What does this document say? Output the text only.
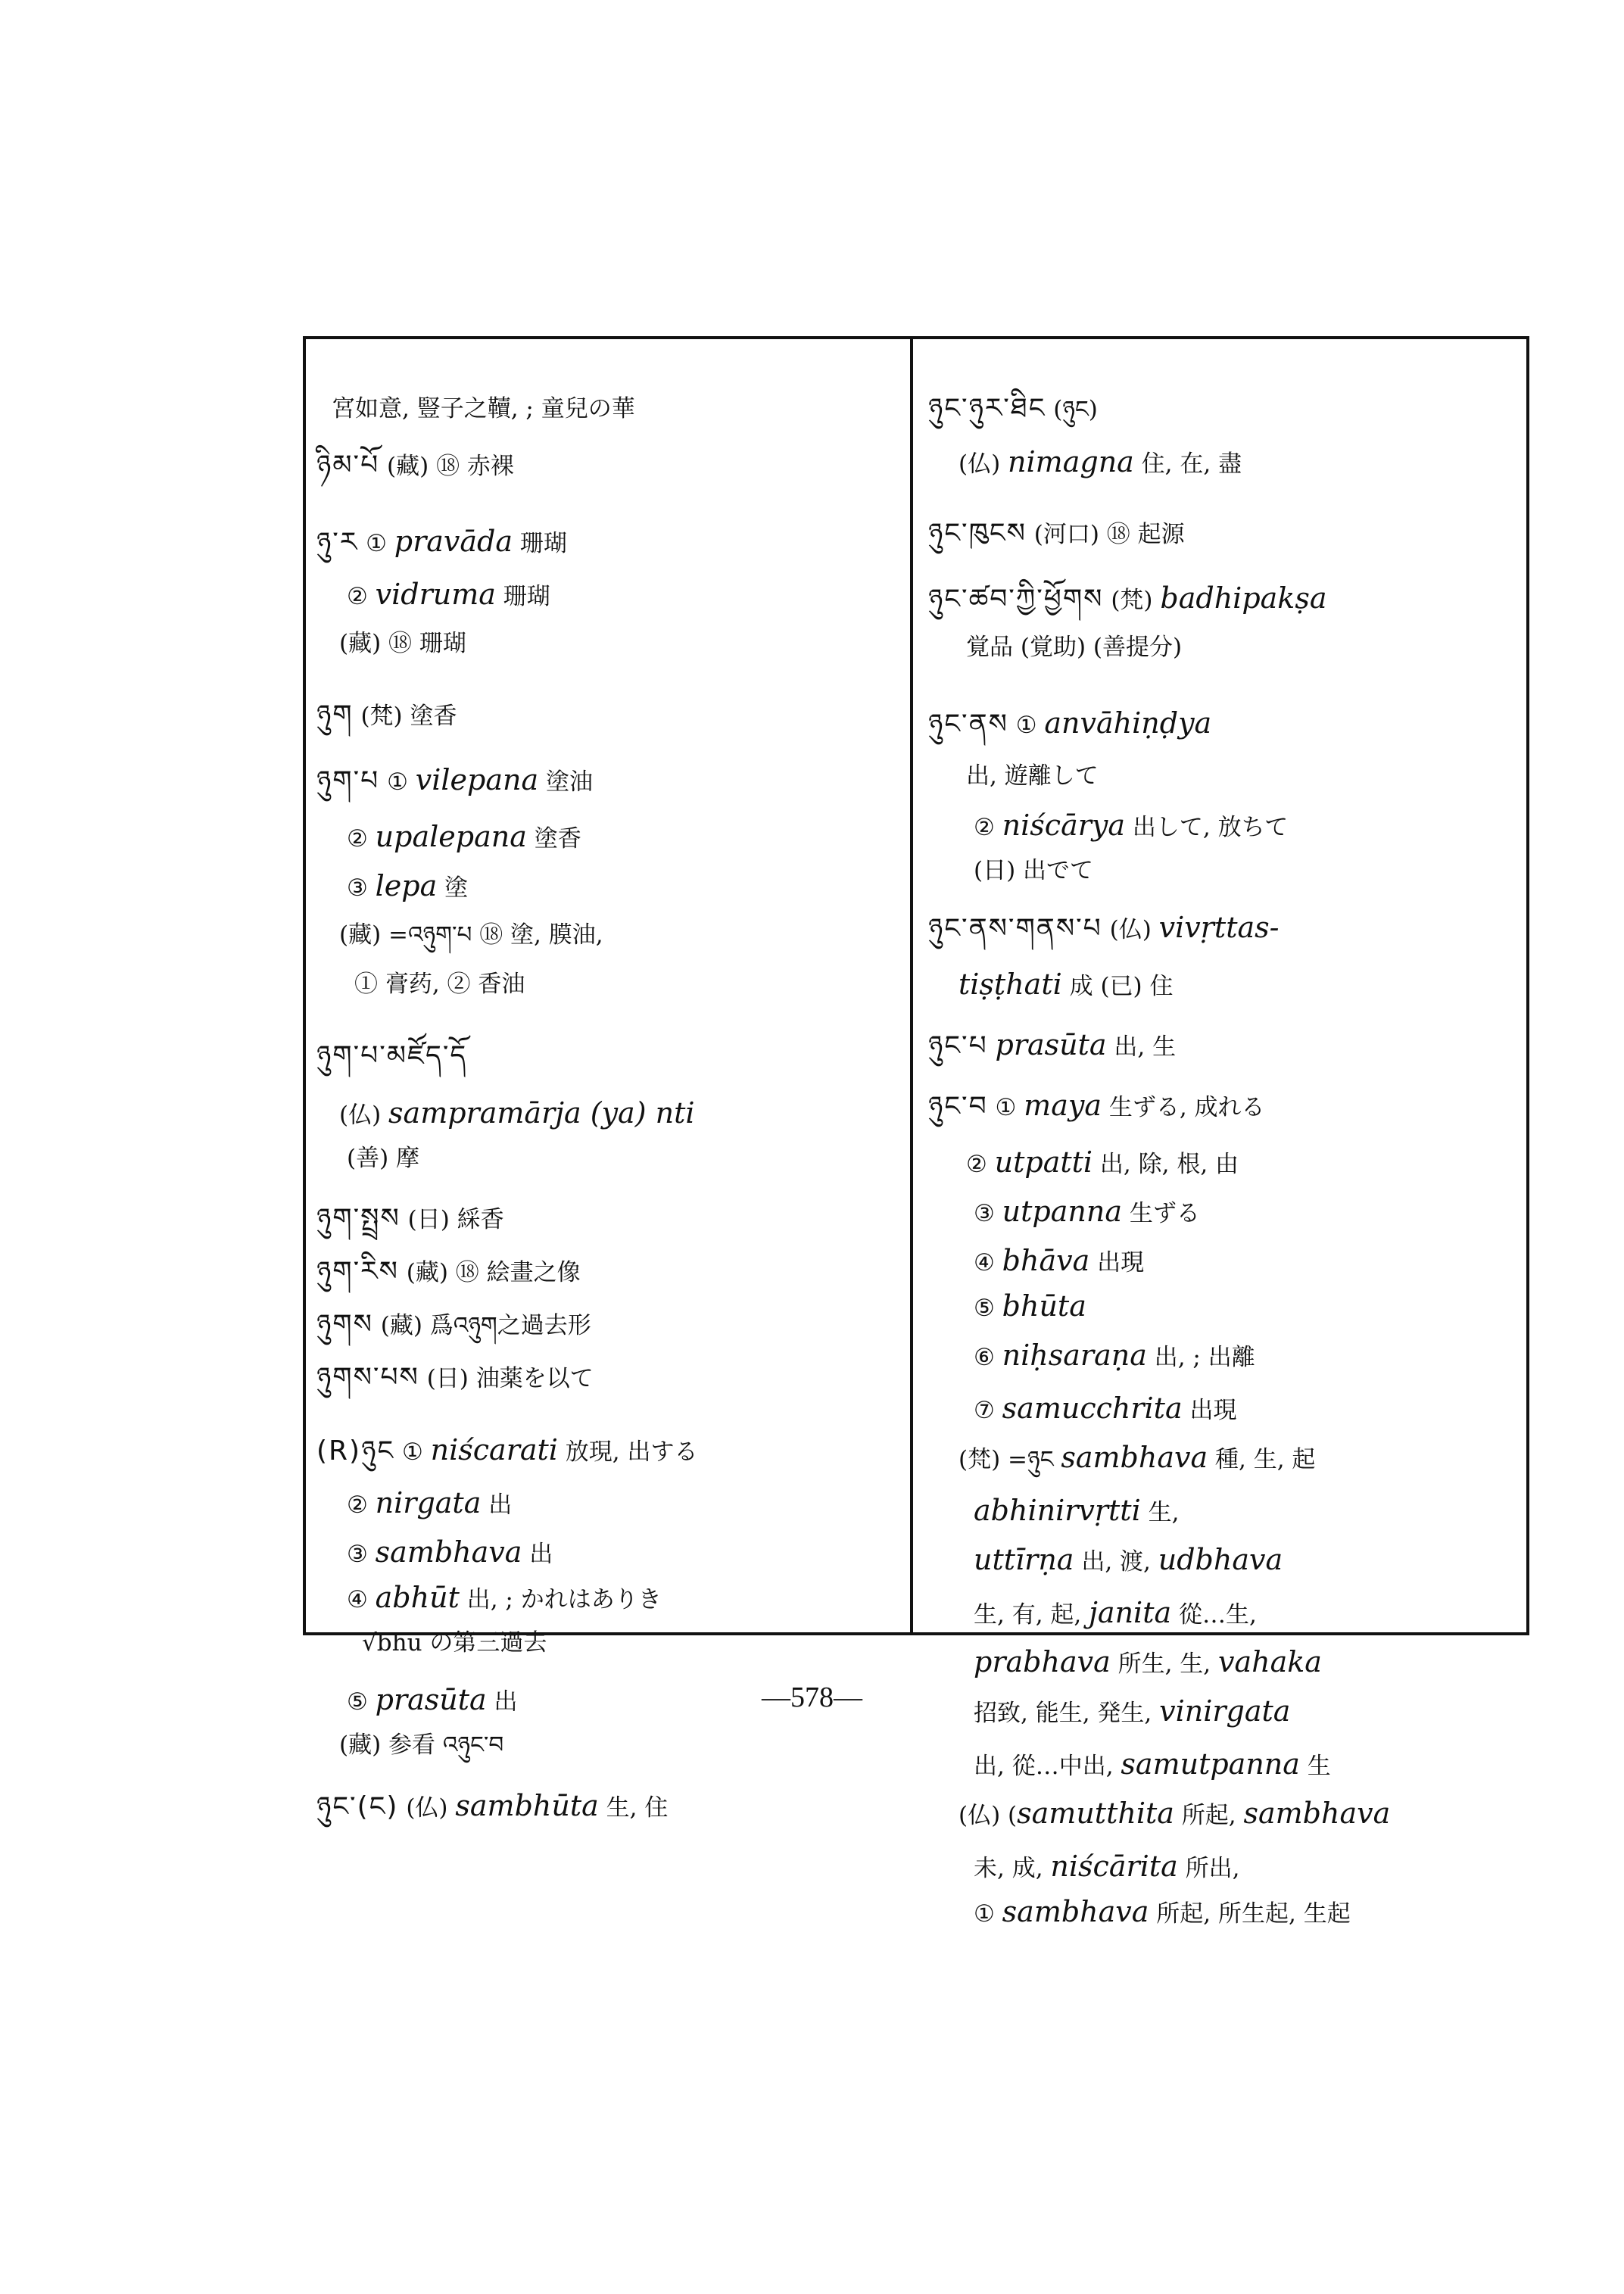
宮如意, 豎子之韇, ; 童兒の華
ཉིམ་པོ (藏) ⑱ 赤裸
ཉུ་ར ① pravāda 珊瑚
② vidruma 珊瑚
(藏) ⑱ 珊瑚
ཉུག (梵) 塗香
ཉུག་པ ① vilepana 塗油
② upalepana 塗香
③ lepa 塗
(藏) =འཉུག་པ ⑱ 塗, 膜油,
① 膏药, ② 香油
ཉུག་པ་མཛོད་དོ
(仏) sampramārja (ya) nti
(善) 摩
ཉུག་སྤྲས (日) 綵香
ཉུག་རིས (藏) ⑱ 絵畫之像
ཉུགས (藏) 爲འཉུག之過去形
ཉུགས་པས (日) 油薬を以て
(R)ཉུང ① niścarati 放現, 出する
② nirgata 出
③ sambhava 出
④ abhūt 出, ; かれはありき
√bhū の第三過去
⑤ prasūta 出
(藏) 参看 འཉུང་བ
ཉུང་(ང) (仏) sambhūta 生, 住
ཉུང་ཉུར་ཐིང (ཉུང)
(仏) nimagna 住, 在, 盡
ཉུང་ཁུངས (河口) ⑱ 起源
ཉུང་ཚབ་ཀྱི་ཕྱོགས (梵) badhipakṣa
覚品 (覚助) (善提分)
ཉུང་ནས ① anvāhiṇḍya
出, 遊離して
② niścārya 出して, 放ちて
(日) 出でて
ཉུང་ནས་གནས་པ (仏) vivṛttas-
tiṣṭhati 成 (已) 住
ཉུང་པ prasūta 出, 生
ཉུང་བ ① maya 生ずる, 成れる
② utpatti 出, 除, 根, 由
③ utpanna 生ずる
④ bhāva 出現
⑤ bhūta
⑥ niḥsaraṇa 出, ; 出離
⑦ samucchrita 出現
(梵) =ཉུང sambhava 種, 生, 起
abhinirvṛtti 生,
uttīrṇa 出, 渡, udbhava
生, 有, 起, janita 從…生,
prabhava 所生, 生, vahaka
招致, 能生, 発生, vinirgata
出, 從…中出, samutpanna 生
(仏) (samutthita 所起, sambhava
未, 成, niścārita 所出,
① sambhava 所起, 所生起, 生起
—578—
